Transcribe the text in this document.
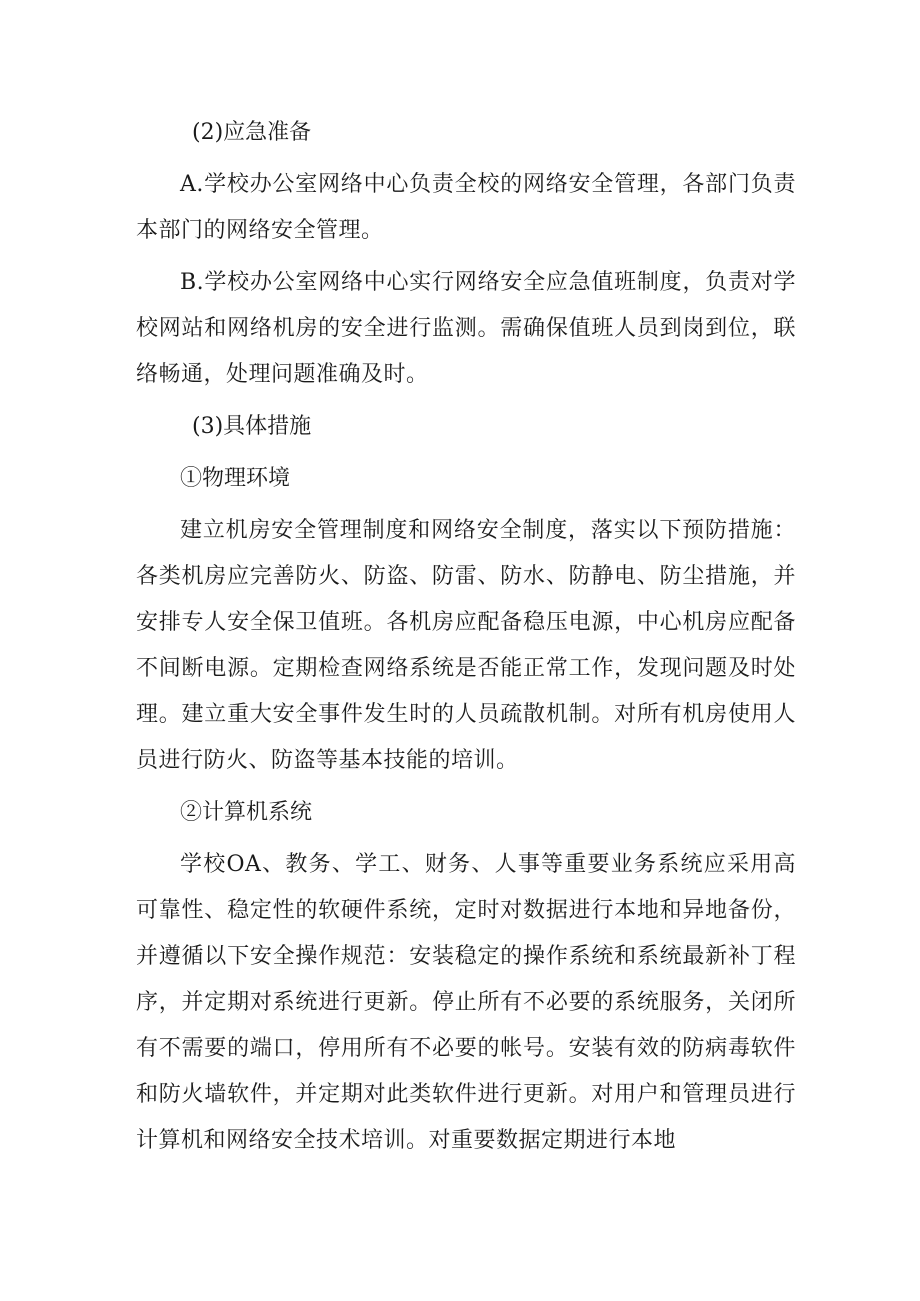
(2)应急准备

A.学校办公室网络中心负责全校的网络安全管理，各部门负责本部门的网络安全管理。

B.学校办公室网络中心实行网络安全应急值班制度，负责对学校网站和网络机房的安全进行监测。需确保值班人员到岗到位，联络畅通，处理问题准确及时。

(3)具体措施
①物理环境

建立机房安全管理制度和网络安全制度，落实以下预防措施：各类机房应完善防火、防盗、防雷、防水、防静电、防尘措施，并安排专人安全保卫值班。各机房应配备稳压电源，中心机房应配备不间断电源。定期检查网络系统是否能正常工作，发现问题及时处理。建立重大安全事件发生时的人员疏散机制。对所有机房使用人员进行防火、防盗等基本技能的培训。

②计算机系统

学校OA、教务、学工、财务、人事等重要业务系统应采用高可靠性、稳定性的软硬件系统，定时对数据进行本地和异地备份，并遵循以下安全操作规范：安装稳定的操作系统和系统最新补丁程序，并定期对系统进行更新。停止所有不必要的系统服务，关闭所有不需要的端口，停用所有不必要的帐号。安装有效的防病毒软件和防火墙软件，并定期对此类软件进行更新。对用户和管理员进行计算机和网络安全技术培训。对重要数据定期进行本地
